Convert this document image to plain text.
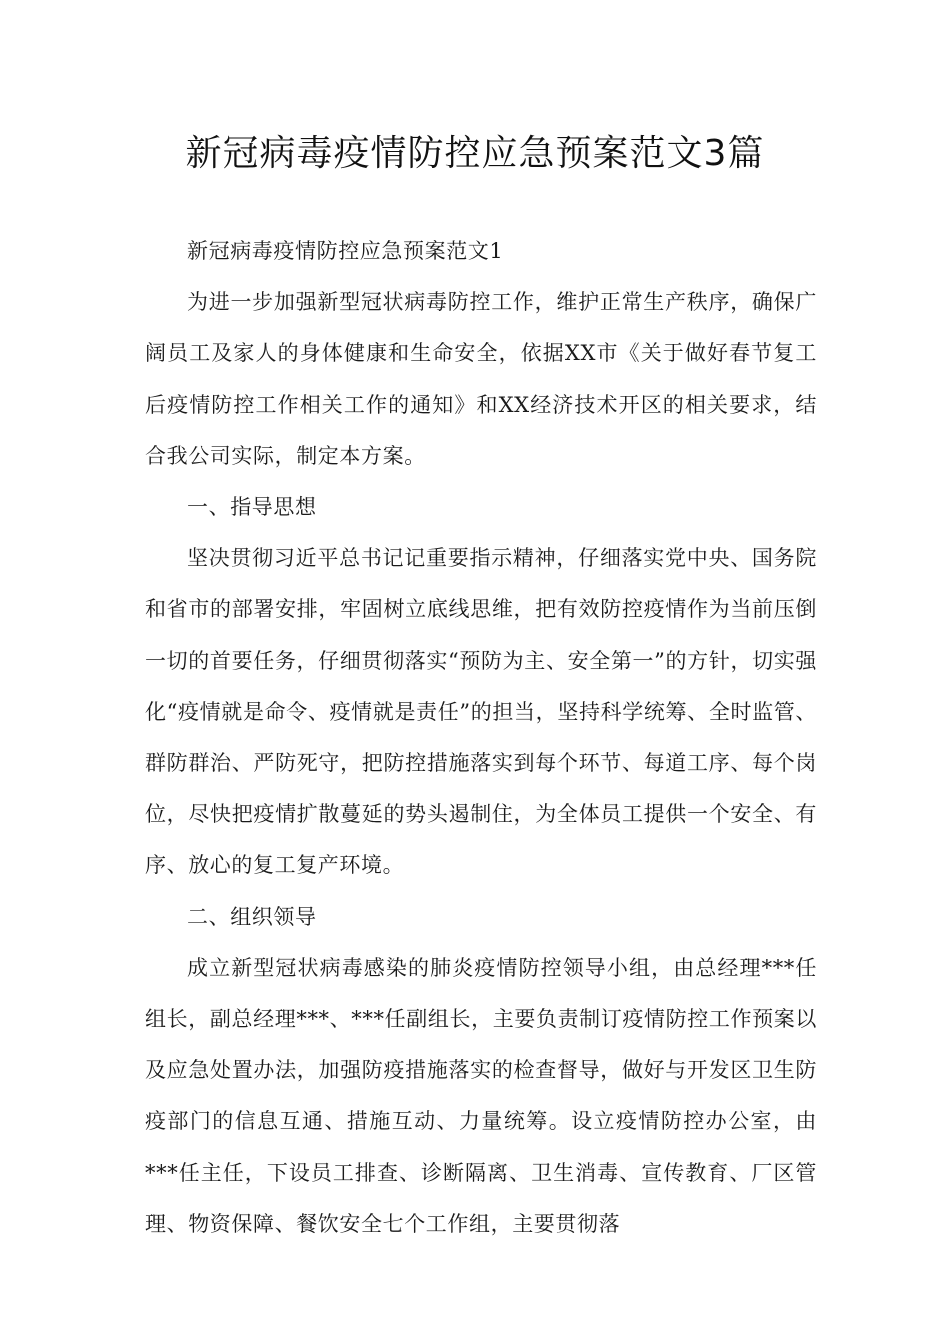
新冠病毒疫情防控应急预案范文3篇

新冠病毒疫情防控应急预案范文1

为进一步加强新型冠状病毒防控工作，维护正常生产秩序，确保广阔员工及家人的身体健康和生命安全，依据XX市《关于做好春节复工后疫情防控工作相关工作的通知》和XX经济技术开区的相关要求，结合我公司实际，制定本方案。

一、指导思想

坚决贯彻习近平总书记记重要指示精神，仔细落实党中央、国务院和省市的部署安排，牢固树立底线思维，把有效防控疫情作为当前压倒一切的首要任务，仔细贯彻落实“预防为主、安全第一”的方针，切实强化“疫情就是命令、疫情就是责任”的担当，坚持科学统筹、全时监管、群防群治、严防死守，把防控措施落实到每个环节、每道工序、每个岗位，尽快把疫情扩散蔓延的势头遏制住，为全体员工提供一个安全、有序、放心的复工复产环境。

二、组织领导

成立新型冠状病毒感染的肺炎疫情防控领导小组，由总经理***任组长，副总经理***、***任副组长，主要负责制订疫情防控工作预案以及应急处置办法，加强防疫措施落实的检查督导，做好与开发区卫生防疫部门的信息互通、措施互动、力量统筹。设立疫情防控办公室，由***任主任，下设员工排查、诊断隔离、卫生消毒、宣传教育、厂区管理、物资保障、餐饮安全七个工作组，主要贯彻落
